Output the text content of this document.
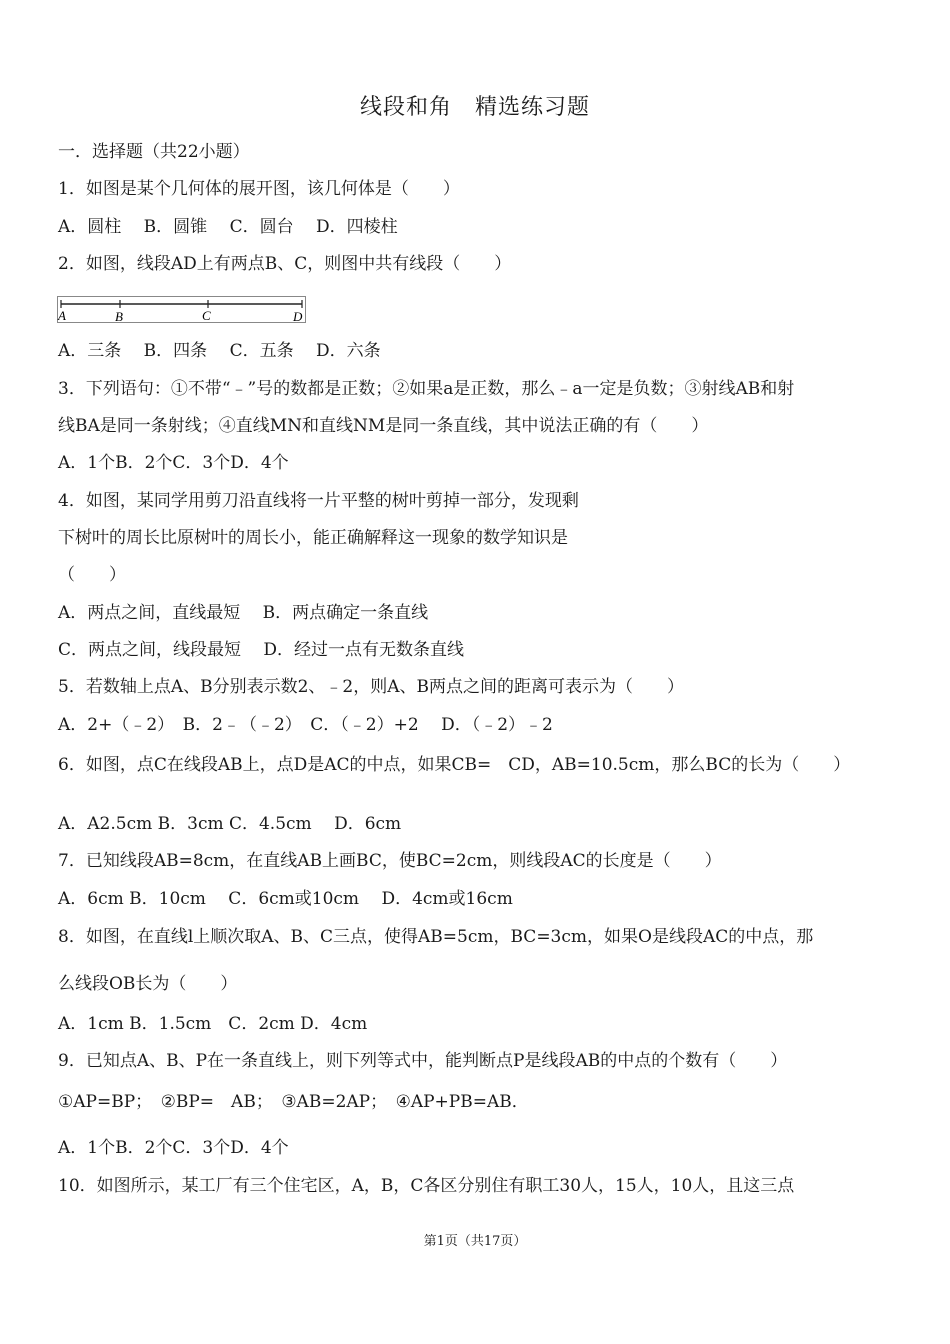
线段和角　精选练习题
一．选择题（共22小题）
1．如图是某个几何体的展开图，该几何体是（　　）
A．圆柱　 B．圆锥　 C．圆台　 D．四棱柱
2．如图，线段AD上有两点B、C，则图中共有线段（　　）
A	B	C	D
A．三条　 B．四条　 C．五条　 D．六条
3．下列语句：①不带“﹣”号的数都是正数；②如果a是正数，那么﹣a一定是负数；③射线AB和射
线BA是同一条射线；④直线MN和直线NM是同一条直线，其中说法正确的有（　　）
A．1个B．2个C．3个D．4个
4．如图，某同学用剪刀沿直线将一片平整的树叶剪掉一部分，发现剩
下树叶的周长比原树叶的周长小，能正确解释这一现象的数学知识是
（　　）
A．两点之间，直线最短　 B．两点确定一条直线
C．两点之间，线段最短　 D．经过一点有无数条直线
5．若数轴上点A、B分别表示数2、﹣2，则A、B两点之间的距离可表示为（　　）
A．2+（﹣2）　B．2﹣（﹣2）　C．（﹣2）+2　 D．（﹣2）﹣2
6．如图，点C在线段AB上，点D是AC的中点，如果CB=　CD，AB=10.5cm，那么BC的长为（　　）
A．A2.5cm B．3cm C．4.5cm　 D．6cm
7．已知线段AB=8cm，在直线AB上画BC，使BC=2cm，则线段AC的长度是（　　）
A．6cm B．10cm　 C．6cm或10cm　 D．4cm或16cm
8．如图，在直线l上顺次取A、B、C三点，使得AB=5cm，BC=3cm，如果O是线段AC的中点，那
么线段OB长为（　　）
A．1cm B．1.5cm　C．2cm D．4cm
9．已知点A、B、P在一条直线上，则下列等式中，能判断点P是线段AB的中点的个数有（　　）
①AP=BP；　②BP=　AB；　③AB=2AP；　④AP+PB=AB．
A．1个B．2个C．3个D．4个
10．如图所示，某工厂有三个住宅区，A，B，C各区分别住有职工30人，15人，10人，且这三点
第1页（共17页）
